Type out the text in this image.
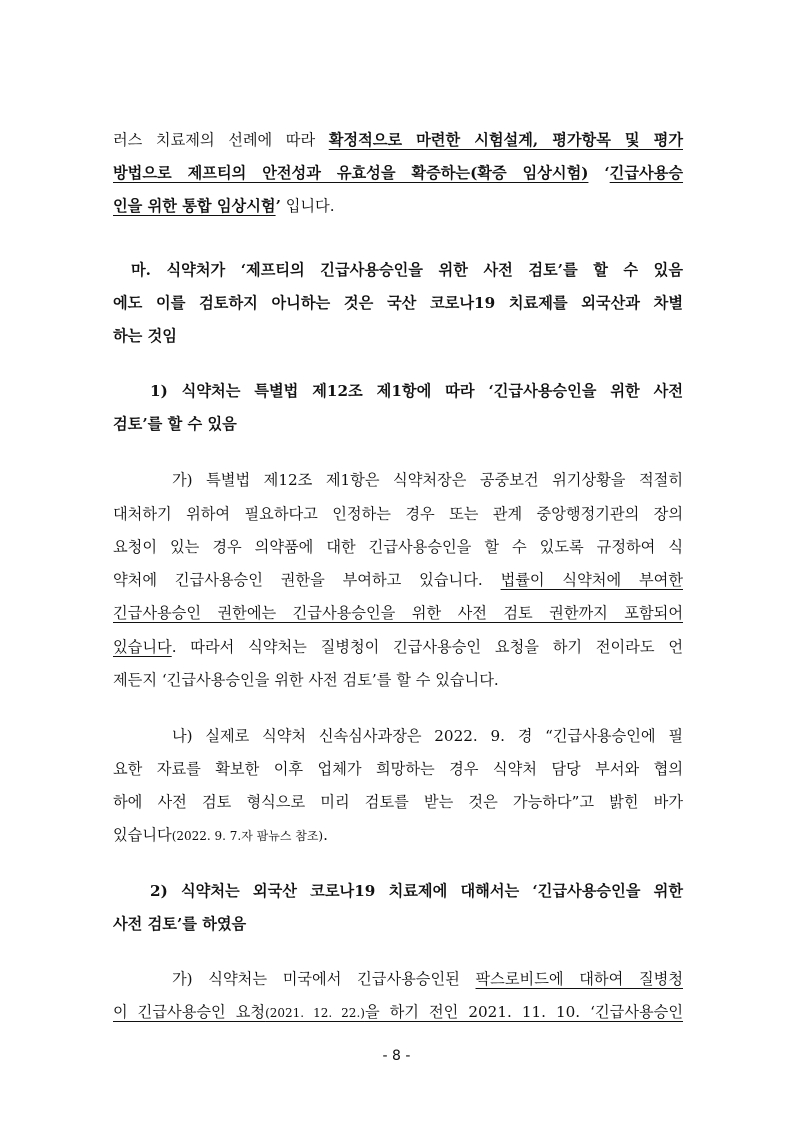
러스 치료제의 선례에 따라 확정적으로 마련한 시험설계, 평가항목 및 평가
방법으로 제프티의 안전성과 유효성을 확증하는(확증 임상시험) ‘긴급사용승
인을 위한 통합 임상시험’ 입니다.
마. 식약처가 ‘제프티의 긴급사용승인을 위한 사전 검토’를 할 수 있음
에도 이를 검토하지 아니하는 것은 국산 코로나19 치료제를 외국산과 차별
하는 것임
1) 식약처는 특별법 제12조 제1항에 따라 ‘긴급사용승인을 위한 사전
검토’를 할 수 있음
가) 특별법 제12조 제1항은 식약처장은 공중보건 위기상황을 적절히
대처하기 위하여 필요하다고 인정하는 경우 또는 관계 중앙행정기관의 장의
요청이 있는 경우 의약품에 대한 긴급사용승인을 할 수 있도록 규정하여 식
약처에 긴급사용승인 권한을 부여하고 있습니다. 법률이 식약처에 부여한
긴급사용승인 권한에는 긴급사용승인을 위한 사전 검토 권한까지 포함되어
있습니다. 따라서 식약처는 질병청이 긴급사용승인 요청을 하기 전이라도 언
제든지 ‘긴급사용승인을 위한 사전 검토’를 할 수 있습니다.
나) 실제로 식약처 신속심사과장은 2022. 9. 경 “긴급사용승인에 필
요한 자료를 확보한 이후 업체가 희망하는 경우 식약처 담당 부서와 협의
하에 사전 검토 형식으로 미리 검토를 받는 것은 가능하다”고 밝힌 바가
있습니다(2022. 9. 7.자 팜뉴스 참조).
2) 식약처는 외국산 코로나19 치료제에 대해서는 ‘긴급사용승인을 위한
사전 검토’를 하였음
가) 식약처는 미국에서 긴급사용승인된 팍스로비드에 대하여 질병청
이 긴급사용승인 요청(2021. 12. 22.)을 하기 전인 2021. 11. 10. ‘긴급사용승인
- 8 -
